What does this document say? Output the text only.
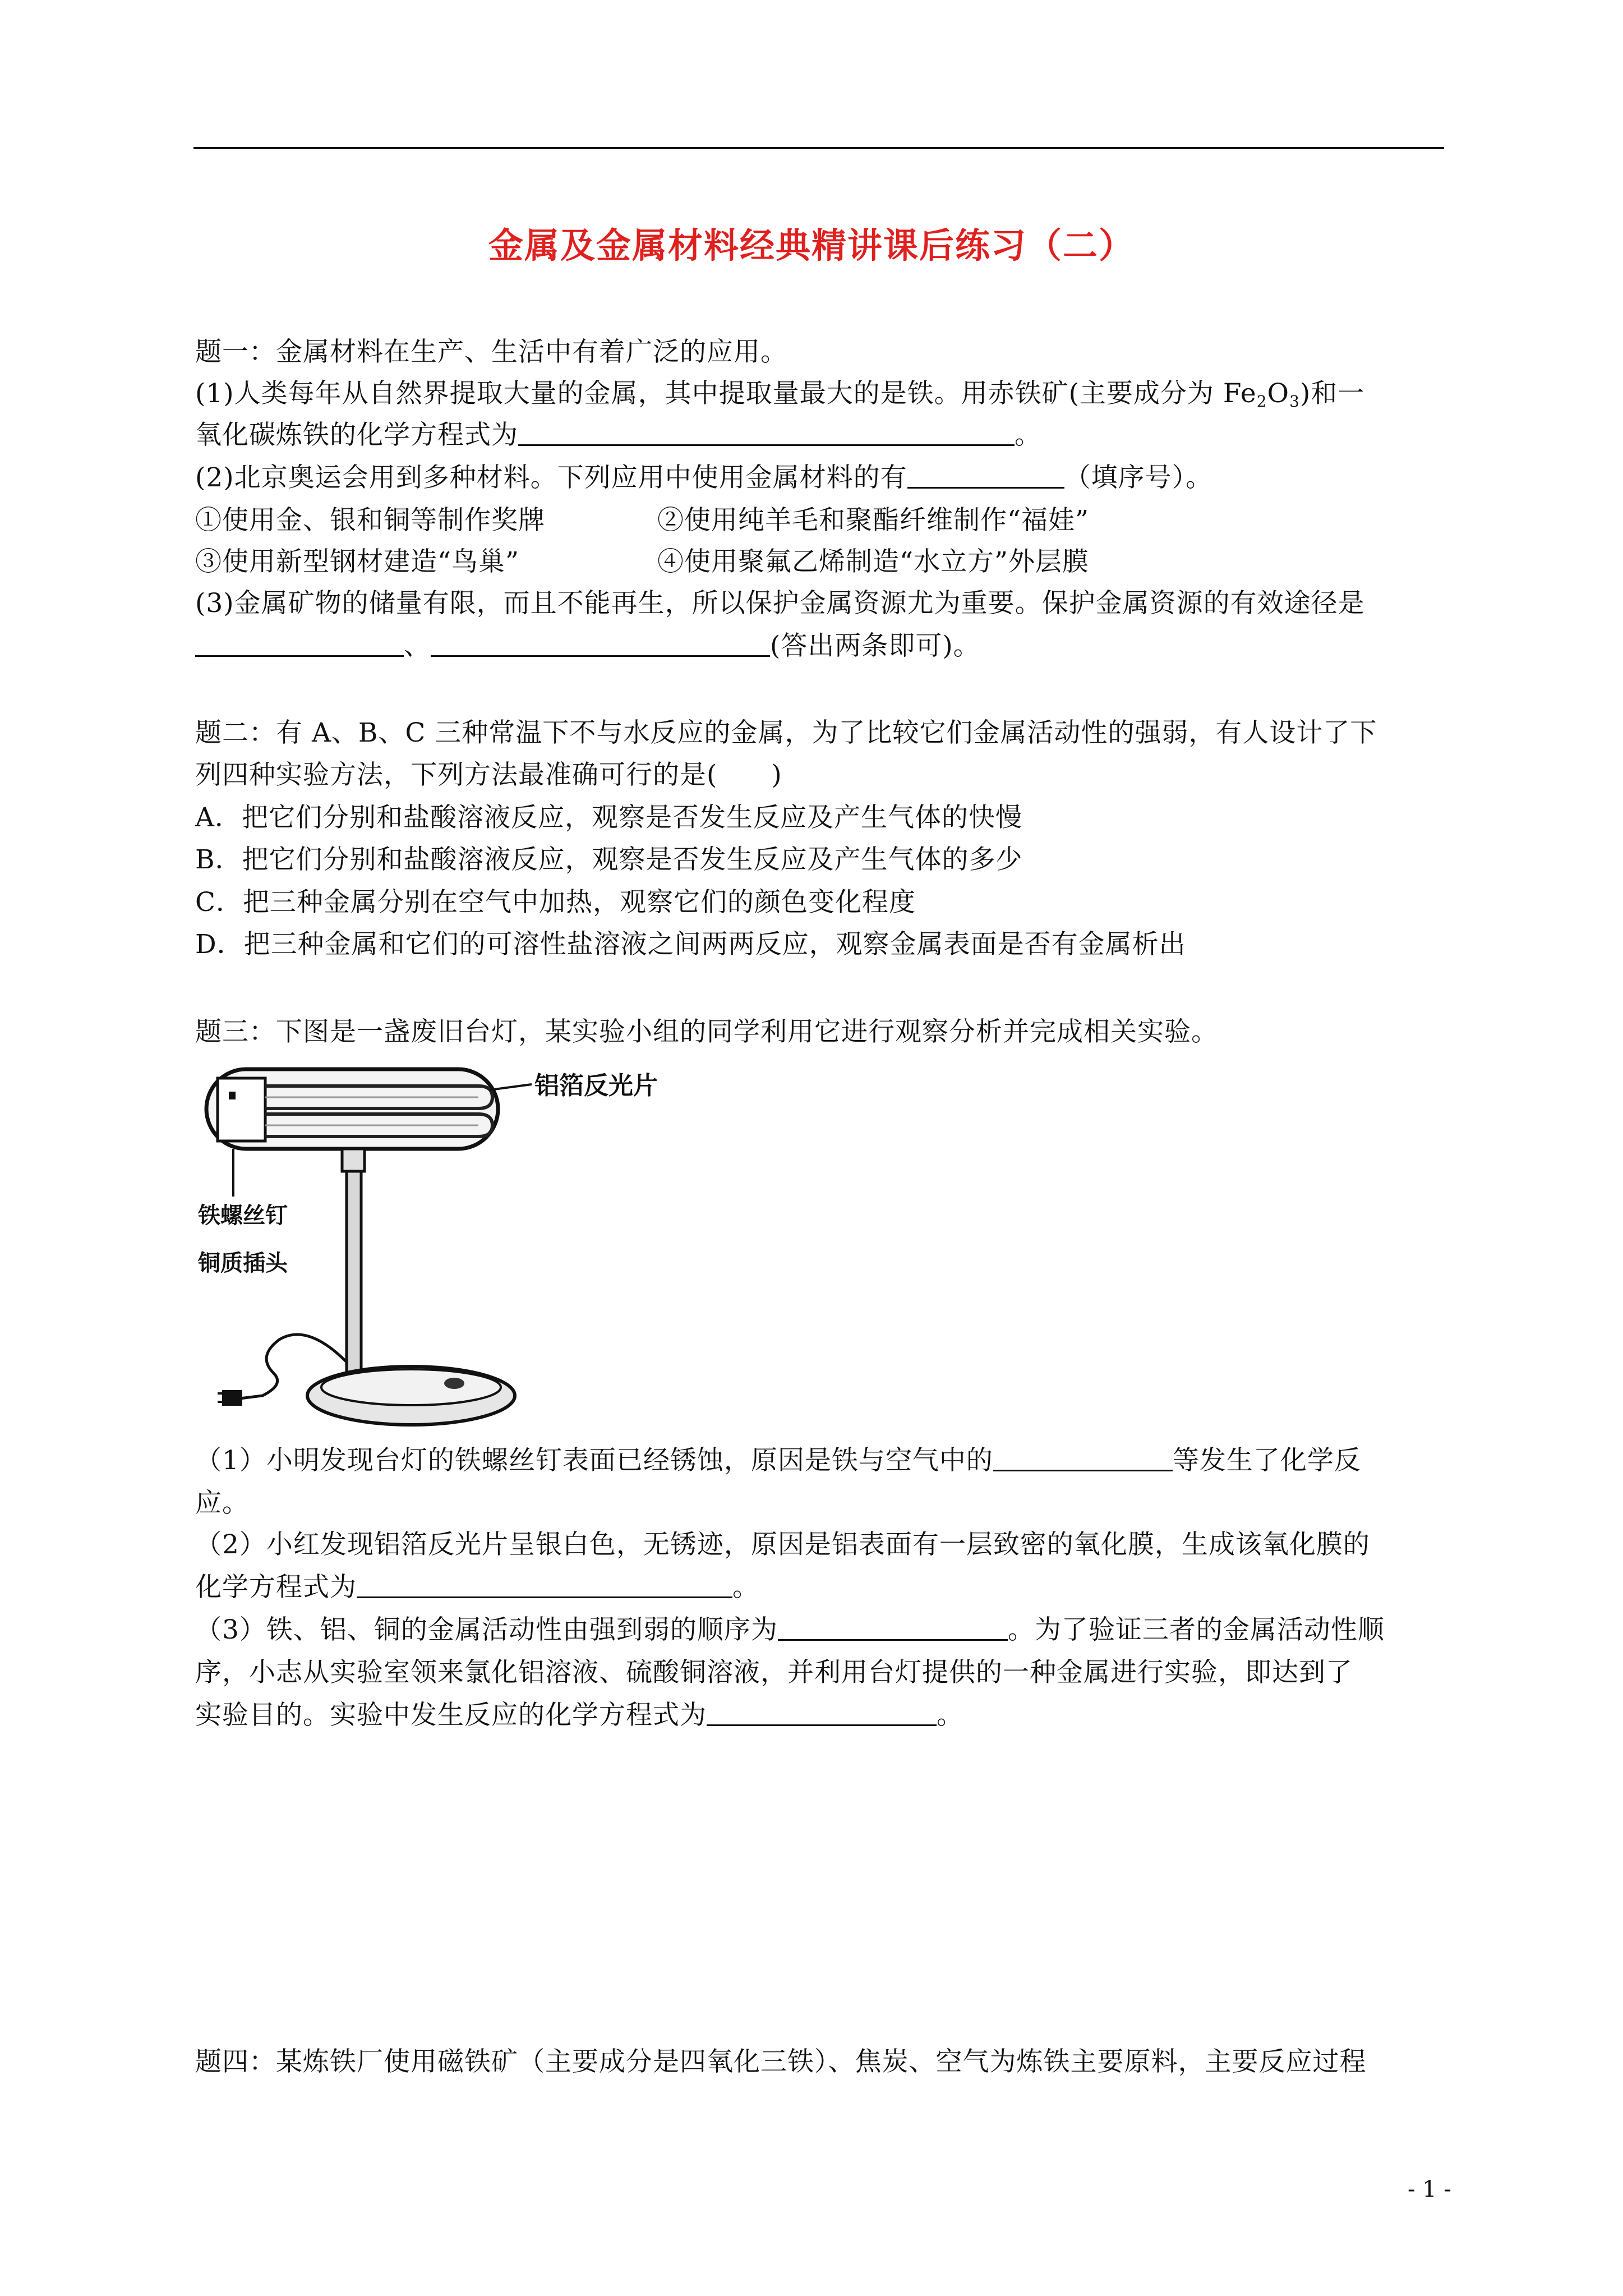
金属及金属材料经典精讲课后练习（二）
题一：金属材料在生产、生活中有着广泛的应用。
(1)人类每年从自然界提取大量的金属，其中提取量最大的是铁。用赤铁矿(主要成分为 $Fe_2O_3$)和一
氧化碳炼铁的化学方程式为	。
(2)北京奥运会用到多种材料。下列应用中使用金属材料的有	（填序号）。
①使用金、银和铜等制作奖牌	②使用纯羊毛和聚酯纤维制作“福娃”
③使用新型钢材建造“鸟巢”	④使用聚氟乙烯制造“水立方”外层膜
(3)金属矿物的储量有限，而且不能再生，所以保护金属资源尤为重要。保护金属资源的有效途径是
、	(答出两条即可)。
题二：有 A、B、C 三种常温下不与水反应的金属，为了比较它们金属活动性的强弱，有人设计了下
列四种实验方法，下列方法最准确可行的是(　　)
A．把它们分别和盐酸溶液反应，观察是否发生反应及产生气体的快慢
B．把它们分别和盐酸溶液反应，观察是否发生反应及产生气体的多少
C．把三种金属分别在空气中加热，观察它们的颜色变化程度
D．把三种金属和它们的可溶性盐溶液之间两两反应，观察金属表面是否有金属析出
题三：下图是一盏废旧台灯，某实验小组的同学利用它进行观察分析并完成相关实验。
铝箔反光片
铁螺丝钉
铜质插头
（1）小明发现台灯的铁螺丝钉表面已经锈蚀，原因是铁与空气中的	等发生了化学反
应。
（2）小红发现铝箔反光片呈银白色，无锈迹，原因是铝表面有一层致密的氧化膜，生成该氧化膜的
化学方程式为	。
（3）铁、铝、铜的金属活动性由强到弱的顺序为	。为了验证三者的金属活动性顺
序，小志从实验室领来氯化铝溶液、硫酸铜溶液，并利用台灯提供的一种金属进行实验，即达到了
实验目的。实验中发生反应的化学方程式为	。
题四：某炼铁厂使用磁铁矿（主要成分是四氧化三铁）、焦炭、空气为炼铁主要原料，主要反应过程
- 1 -
